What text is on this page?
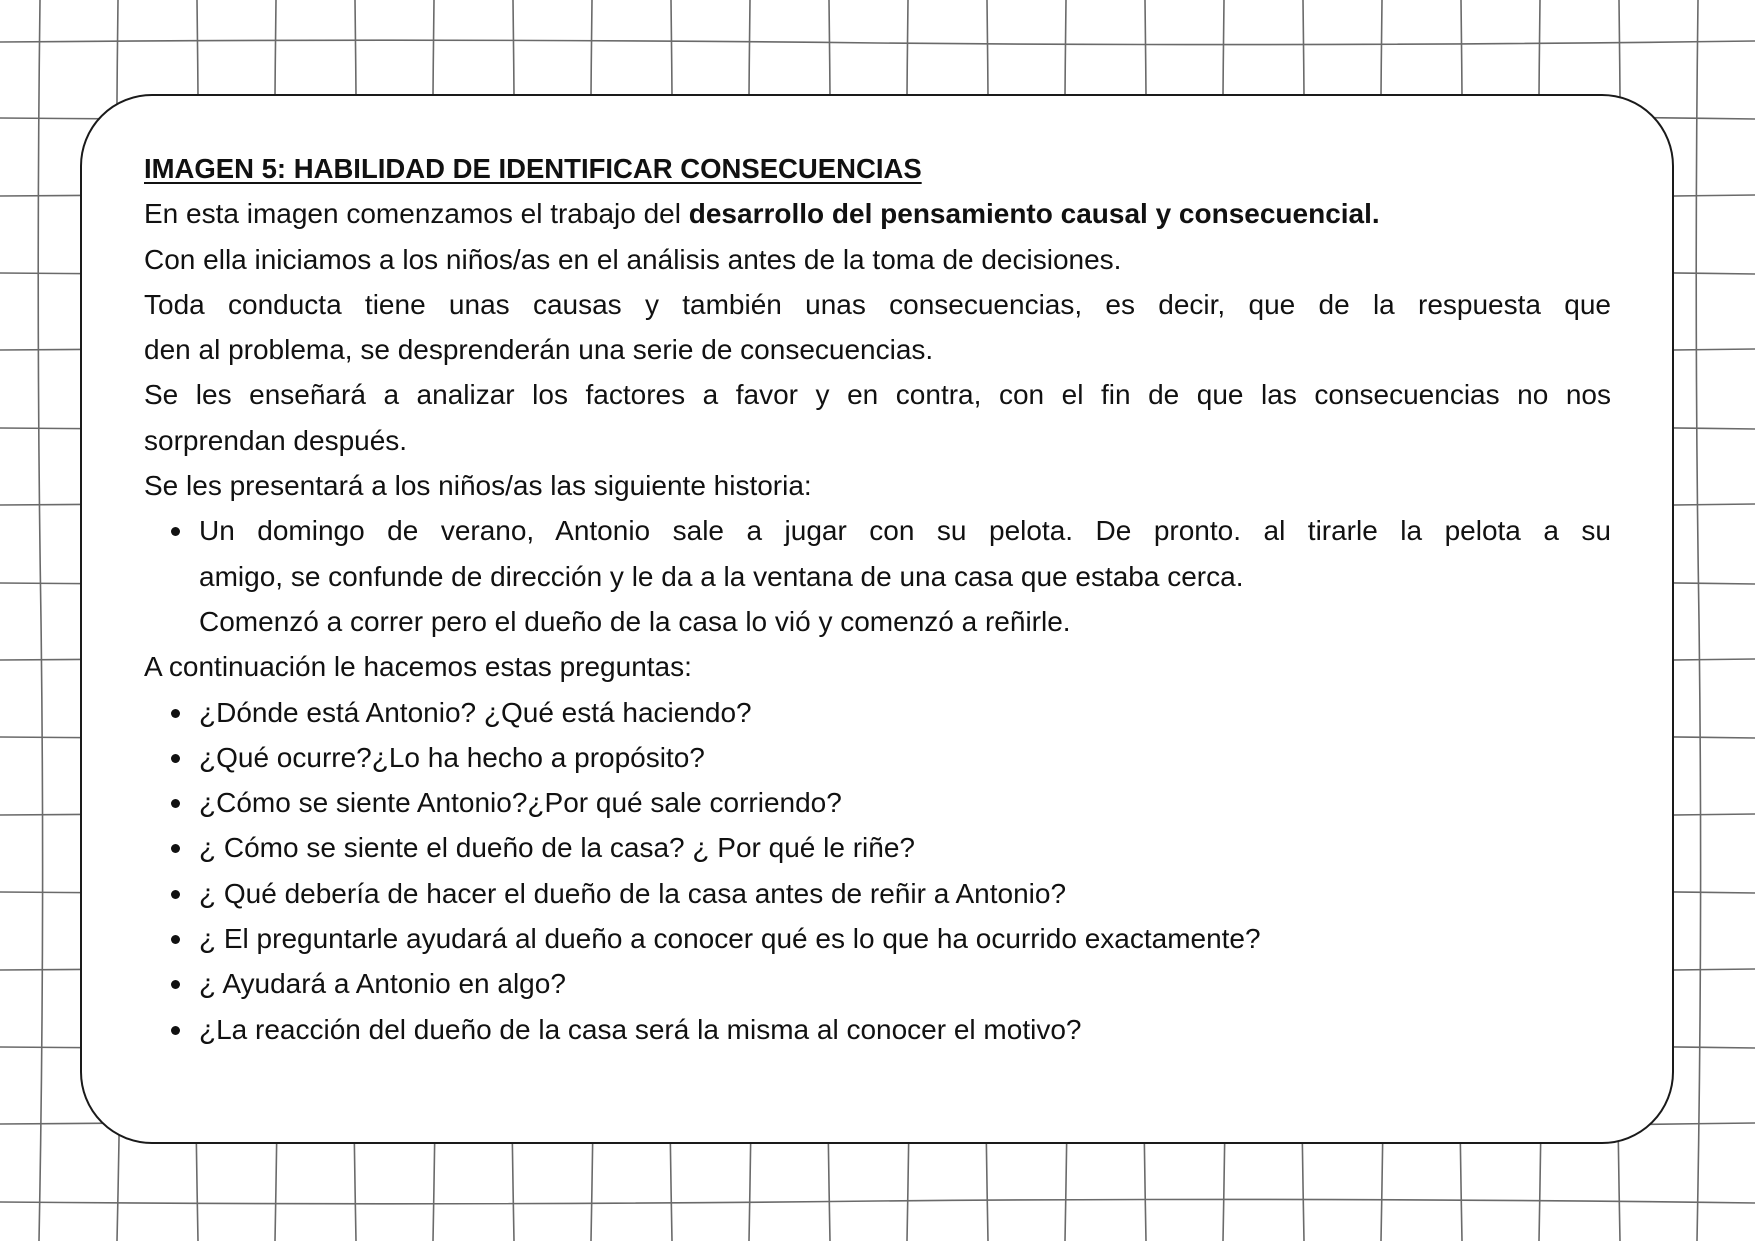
IMAGEN 5: HABILIDAD DE IDENTIFICAR CONSECUENCIAS

En esta imagen comenzamos el trabajo del desarrollo del pensamiento causal y consecuencial.

Con ella iniciamos a los niños/as en el análisis antes de la toma de decisiones.

Toda conducta tiene unas causas y también unas consecuencias, es decir, que de la respuesta que

den al problema, se desprenderán una serie de consecuencias.

Se les enseñará a analizar los factores a favor y en contra, con el fin de que las consecuencias no nos

sorprendan después.

Se les presentará a los niños/as las siguiente historia:

Un domingo de verano, Antonio sale a jugar con su pelota. De pronto. al tirarle la pelota a su
amigo, se confunde de dirección y le da a la ventana de una casa que estaba cerca.

Comenzó a correr pero el dueño de la casa lo vió y comenzó a reñirle.

A continuación le hacemos estas preguntas:

¿Dónde está Antonio? ¿Qué está haciendo?
¿Qué ocurre?¿Lo ha hecho a propósito?
¿Cómo se siente Antonio?¿Por qué sale corriendo?
¿ Cómo se siente el dueño de la casa? ¿ Por qué le riñe?
¿ Qué debería de hacer el dueño de la casa antes de reñir a Antonio?
¿ El preguntarle ayudará al dueño a conocer qué es lo que ha ocurrido exactamente?
¿ Ayudará a Antonio en algo?
¿La reacción del dueño de la casa será la misma al conocer el motivo?
